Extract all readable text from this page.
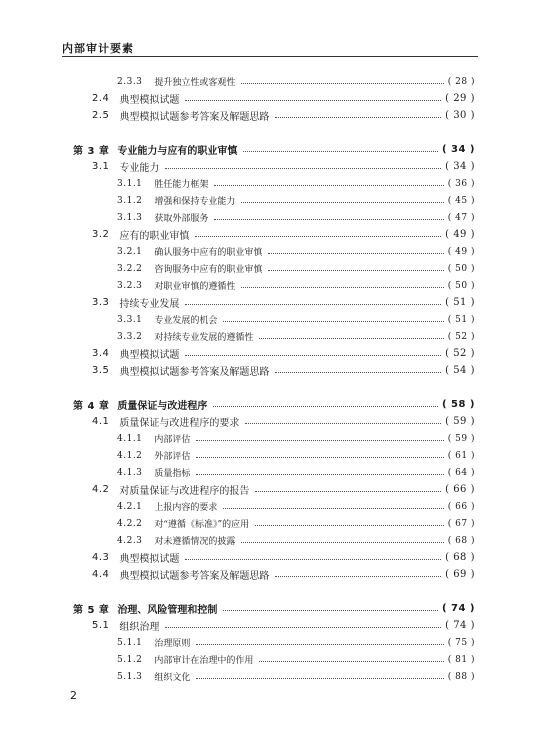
内部审计要素
2.3.3	提升独立性或客观性	( 28 )
2.4	典型模拟试题	( 29 )
2.5	典型模拟试题参考答案及解题思路	( 30 )
第 3 章 专业能力与应有的职业审慎	( 34 )
3.1	专业能力	( 34 )
3.1.1	胜任能力框架	( 36 )
3.1.2	增强和保持专业能力	( 45 )
3.1.3	获取外部服务	( 47 )
3.2	应有的职业审慎	( 49 )
3.2.1	确认服务中应有的职业审慎	( 49 )
3.2.2	咨询服务中应有的职业审慎	( 50 )
3.2.3	对职业审慎的遵循性	( 50 )
3.3	持续专业发展	( 51 )
3.3.1	专业发展的机会	( 51 )
3.3.2	对持续专业发展的遵循性	( 52 )
3.4	典型模拟试题	( 52 )
3.5	典型模拟试题参考答案及解题思路	( 54 )
第 4 章 质量保证与改进程序	( 58 )
4.1	质量保证与改进程序的要求	( 59 )
4.1.1	内部评估	( 59 )
4.1.2	外部评估	( 61 )
4.1.3	质量指标	( 64 )
4.2	对质量保证与改进程序的报告	( 66 )
4.2.1	上报内容的要求	( 66 )
4.2.2	对“遵循《标准》”的应用	( 67 )
4.2.3	对未遵循情况的披露	( 68 )
4.3	典型模拟试题	( 68 )
4.4	典型模拟试题参考答案及解题思路	( 69 )
第 5 章 治理、风险管理和控制	( 74 )
5.1	组织治理	( 74 )
5.1.1	治理原则	( 75 )
5.1.2	内部审计在治理中的作用	( 81 )
5.1.3	组织文化	( 88 )
2
